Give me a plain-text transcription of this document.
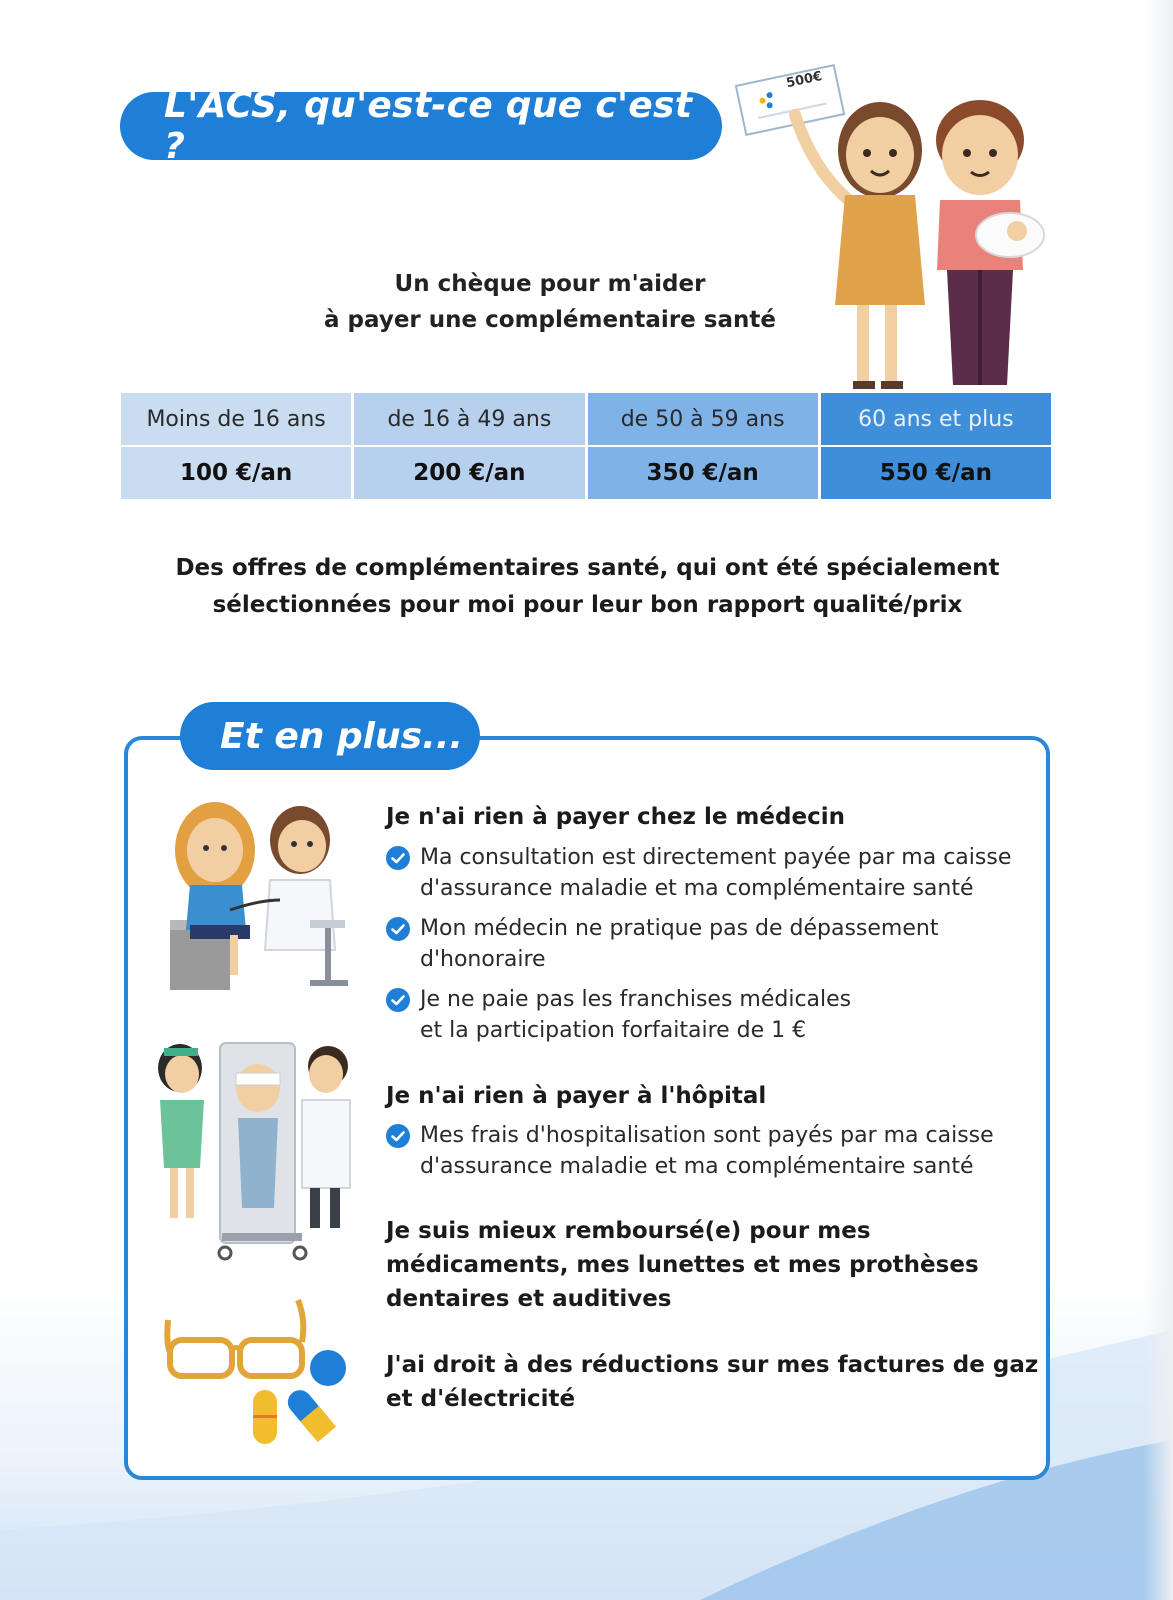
L'ACS, qu'est-ce que c'est ?
500€
Un chèque pour m'aider
à payer une complémentaire santé
Moins de 16 ans	de 16 à 49 ans	de 50 à 59 ans	60 ans et plus
100 €/an	200 €/an	350 €/an	550 €/an
Des offres de complémentaires santé, qui ont été spécialement
sélectionnées pour moi pour leur bon rapport qualité/prix
Et en plus...
Je n'ai rien à payer chez le médecin
Ma consultation est directement payée par ma caisse
d'assurance maladie et ma complémentaire santé
Mon médecin ne pratique pas de dépassement
d'honoraire
Je ne paie pas les franchises médicales
et la participation forfaitaire de 1 €
Je n'ai rien à payer à l'hôpital
Mes frais d'hospitalisation sont payés par ma caisse
d'assurance maladie et ma complémentaire santé
Je suis mieux remboursé(e) pour mes
médicaments, mes lunettes et mes prothèses
dentaires et auditives
J'ai droit à des réductions sur mes factures de gaz
et d'électricité
